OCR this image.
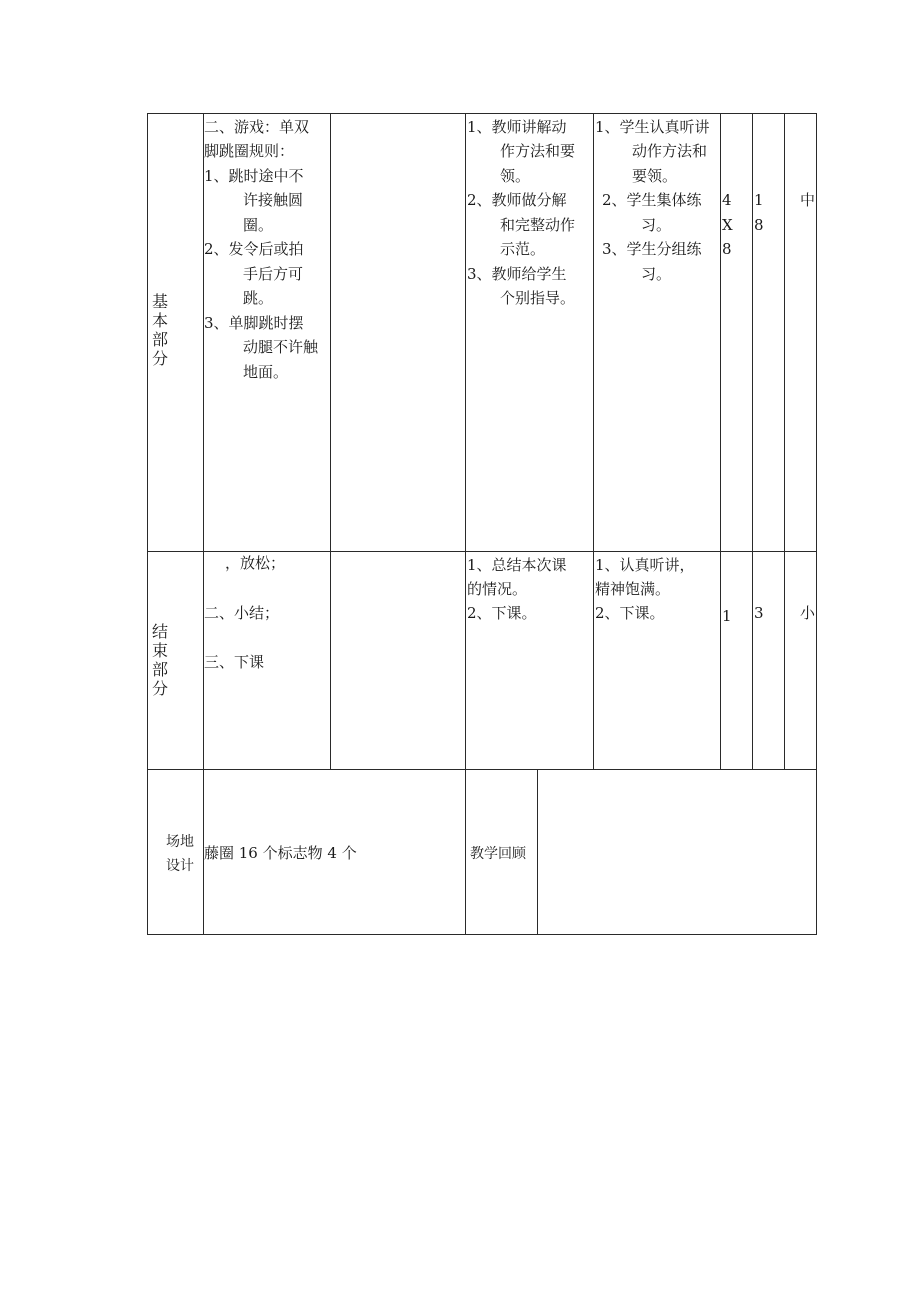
基
本
部
分
二、游戏：单双
脚跳圈规则：
1、跳时途中不
许接触圆
圈。
2、发令后或拍
手后方可
跳。
3、单脚跳时摆
动腿不许触
地面。
1、教师讲解动
作方法和要
领。
2、教师做分解
和完整动作
示范。
3、教师给学生
个别指导。
1、学生认真听讲
动作方法和
要领。
2、学生集体练
习。
3、学生分组练
习。
4
X
8
1
8
中
结
束
部
分
，放松；
二、小结；
三、下课
1、总结本次课
的情况。
2、下课。
1、认真听讲，
精神饱满。
2、下课。	1 3 小
场地
设计
藤圈 16 个标志物 4 个	教学回顾
